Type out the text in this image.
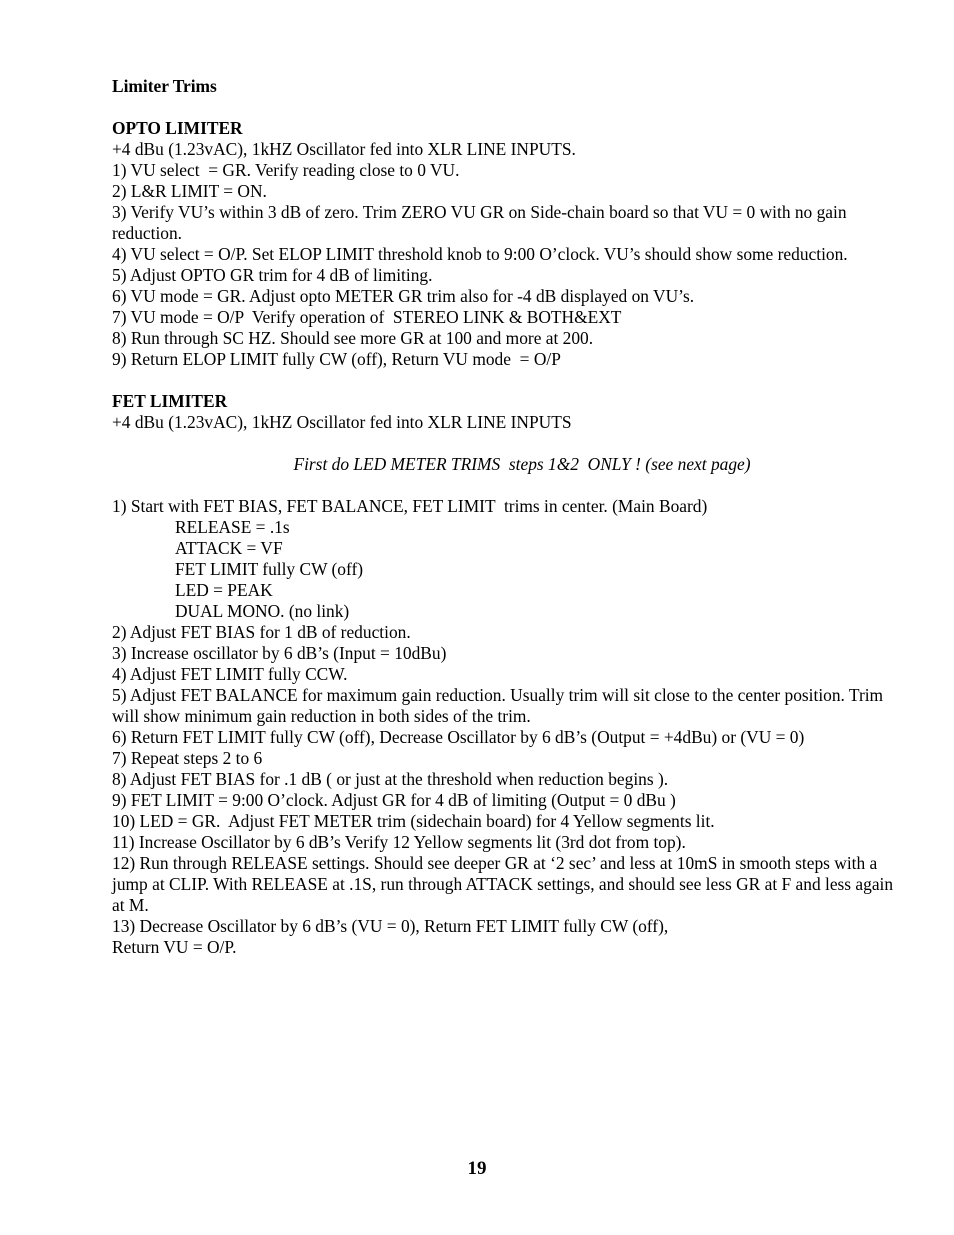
Limiter Trims
OPTO LIMITER
+4 dBu (1.23vAC), 1kHZ Oscillator fed into XLR LINE INPUTS.
1) VU select  = GR. Verify reading close to 0 VU.
2) L&R LIMIT = ON.
3) Verify VU’s within 3 dB of zero. Trim ZERO VU GR on Side-chain board so that VU = 0 with no gain reduction.
4) VU select = O/P. Set ELOP LIMIT threshold knob to 9:00 O’clock. VU’s should show some reduction.
5) Adjust OPTO GR trim for 4 dB of limiting.
6) VU mode = GR. Adjust opto METER GR trim also for -4 dB displayed on VU’s.
7) VU mode = O/P  Verify operation of  STEREO LINK & BOTH&EXT
8) Run through SC HZ. Should see more GR at 100 and more at 200.
9) Return ELOP LIMIT fully CW (off), Return VU mode  = O/P
FET LIMITER
+4 dBu (1.23vAC), 1kHZ Oscillator fed into XLR LINE INPUTS
First do LED METER TRIMS  steps 1&2  ONLY ! (see next page)
1) Start with FET BIAS, FET BALANCE, FET LIMIT  trims in center. (Main Board)
RELEASE = .1s
ATTACK = VF
FET LIMIT fully CW (off)
LED = PEAK
DUAL MONO. (no link)
2) Adjust FET BIAS for 1 dB of reduction.
3) Increase oscillator by 6 dB’s (Input = 10dBu)
4) Adjust FET LIMIT fully CCW.
5) Adjust FET BALANCE for maximum gain reduction. Usually trim will sit close to the center position. Trim will show minimum gain reduction in both sides of the trim.
6) Return FET LIMIT fully CW (off), Decrease Oscillator by 6 dB’s (Output = +4dBu) or (VU = 0)
7) Repeat steps 2 to 6
8) Adjust FET BIAS for .1 dB ( or just at the threshold when reduction begins ).
9) FET LIMIT = 9:00 O’clock. Adjust GR for 4 dB of limiting (Output = 0 dBu )
10) LED = GR.  Adjust FET METER trim (sidechain board) for 4 Yellow segments lit.
11) Increase Oscillator by 6 dB’s Verify 12 Yellow segments lit (3rd dot from top).
12) Run through RELEASE settings. Should see deeper GR at ‘2 sec’ and less at 10mS in smooth steps with a jump at CLIP. With RELEASE at .1S, run through ATTACK settings, and should see less GR at F and less again at M.
13) Decrease Oscillator by 6 dB’s (VU = 0), Return FET LIMIT fully CW (off),
Return VU = O/P.
19
